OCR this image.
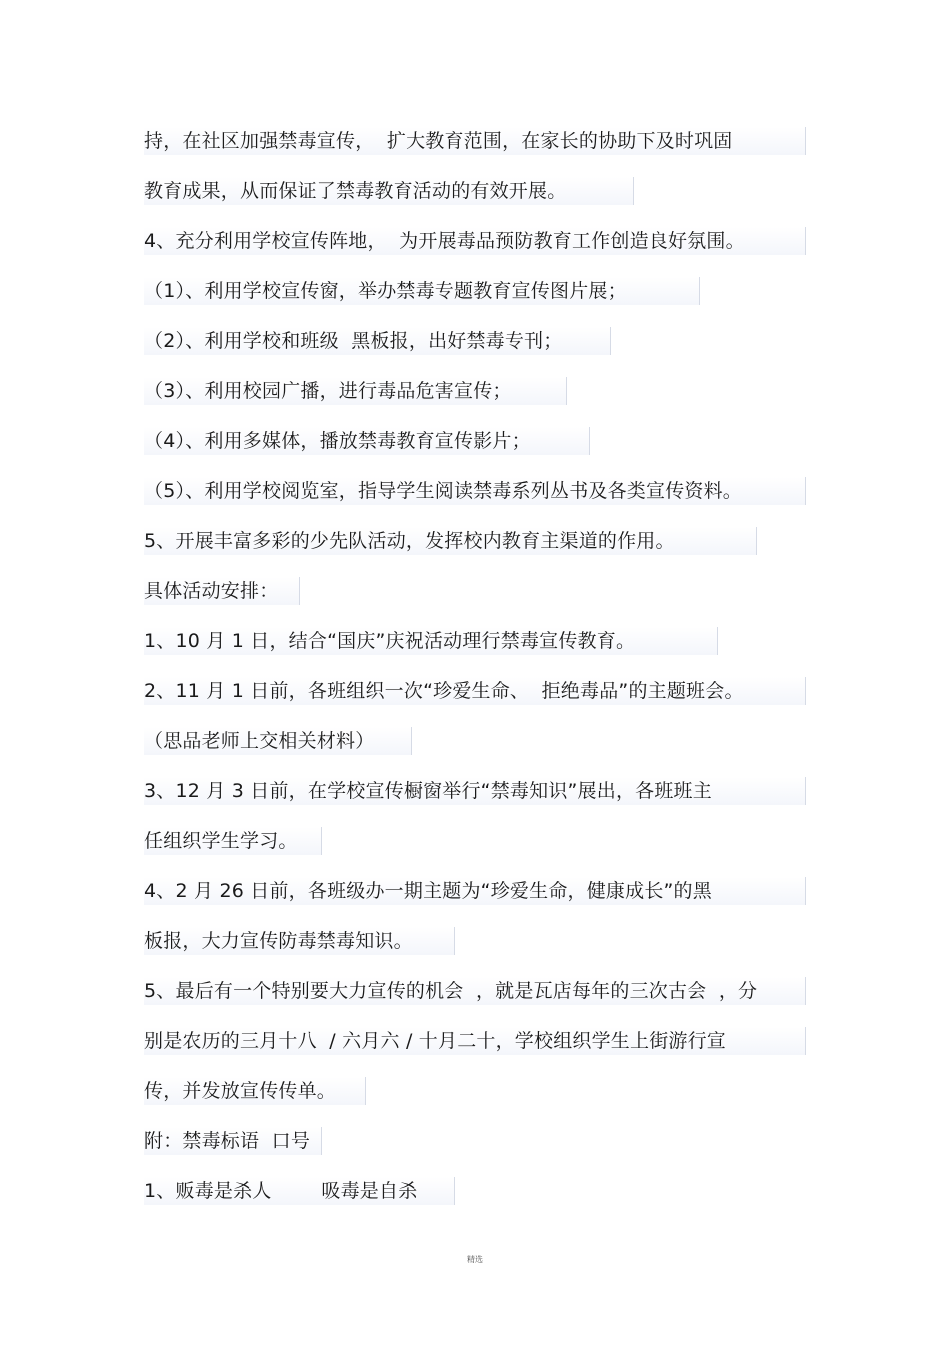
持，在社区加强禁毒宣传，  扩大教育范围，在家长的协助下及时巩固
教育成果，从而保证了禁毒教育活动的有效开展。
4、充分利用学校宣传阵地，  为开展毒品预防教育工作创造良好氛围。
（1）、利用学校宣传窗，举办禁毒专题教育宣传图片展；
（2）、利用学校和班级  黑板报，出好禁毒专刊；
（3）、利用校园广播，进行毒品危害宣传；
（4）、利用多媒体，播放禁毒教育宣传影片；
（5）、利用学校阅览室，指导学生阅读禁毒系列丛书及各类宣传资料。
5、开展丰富多彩的少先队活动，发挥校内教育主渠道的作用。
具体活动安排：
1、10 月 1 日，结合“国庆”庆祝活动理行禁毒宣传教育。
2、11 月 1 日前，各班组织一次“珍爱生命、  拒绝毒品”的主题班会。
（思品老师上交相关材料）
3、12 月 3 日前，在学校宣传橱窗举行“禁毒知识”展出，各班班主
任组织学生学习。
4、2 月 26 日前，各班级办一期主题为“珍爱生命，健康成长”的黑
板报，大力宣传防毒禁毒知识。
5、最后有一个特别要大力宣传的机会  ，就是瓦店每年的三次古会  ，分
别是农历的三月十八  / 六月六 / 十月二十，学校组织学生上街游行宣
传，并发放宣传传单。
附：禁毒标语  口号
1、贩毒是杀人        吸毒是自杀
精选
